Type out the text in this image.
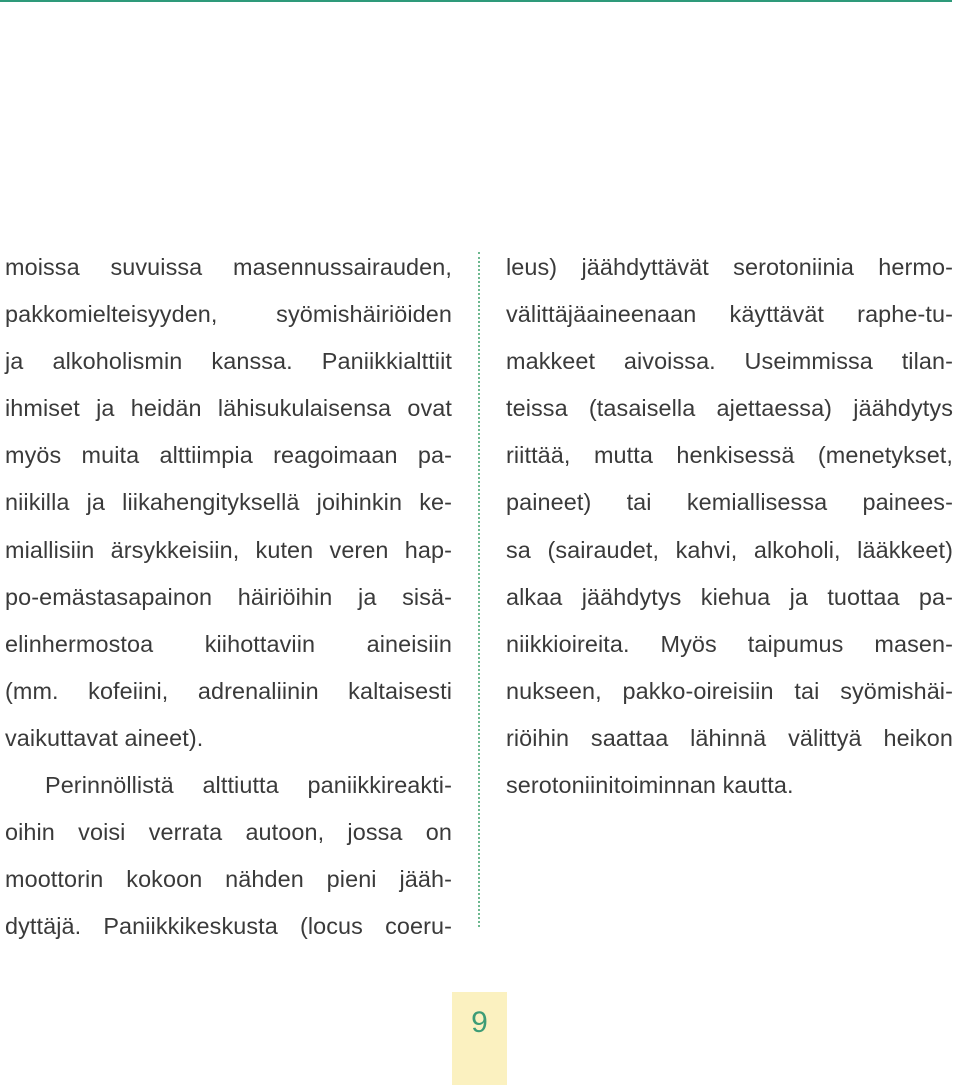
moissa suvuissa masennussairauden,
pakkomielteisyyden, syömishäiriöiden
ja alkoholismin kanssa. Paniikkialttiit
ihmiset ja heidän lähisukulaisensa ovat
myös muita alttiimpia reagoimaan pa-
niikilla ja liikahengityksellä joihinkin ke-
miallisiin ärsykkeisiin, kuten veren hap-
po-emästasapainon häiriöihin ja sisä-
elinhermostoa kiihottaviin aineisiin
(mm. kofeiini, adrenaliinin kaltaisesti
vaikuttavat aineet).
Perinnöllistä alttiutta paniikkireakti-
oihin voisi verrata autoon, jossa on
moottorin kokoon nähden pieni jääh-
dyttäjä. Paniikkikeskusta (locus coeru-
leus) jäähdyttävät serotoniinia hermo-
välittäjäaineenaan käyttävät raphe-tu-
makkeet aivoissa. Useimmissa tilan-
teissa (tasaisella ajettaessa) jäähdytys
riittää, mutta henkisessä (menetykset,
paineet) tai kemiallisessa painees-
sa (sairaudet, kahvi, alkoholi, lääkkeet)
alkaa jäähdytys kiehua ja tuottaa pa-
niikkioireita. Myös taipumus masen-
nukseen, pakko-oireisiin tai syömishäi-
riöihin saattaa lähinnä välittyä heikon
serotoniinitoiminnan kautta.
9
